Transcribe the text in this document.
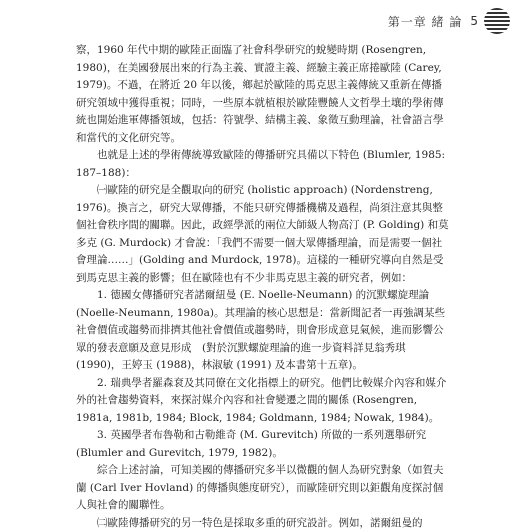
第一章 緒 論 5

察，1960 年代中期的歐陸正面臨了社會科學研究的蛻變時期 (Rosengren, 1980)，在美國發展出來的行為主義、實證主義、經驗主義正席捲歐陸 (Carey, 1979)。不過，在將近 20 年以後，鄉起於歐陸的馬克思主義傳統又重新在傳播研究領域中獲得重視；同時，一些原本就植根於歐陸豐饒人文哲學土壤的學術傳統也開始進軍傳播領域，包括：符號學、結構主義、象徵互動理論，社會語言學和當代的文化研究等。

也就是上述的學術傳統導致歐陸的傳播研究具備以下特色 (Blumler, 1985: 187–188)：

㈠歐陸的研究是全觀取向的研究 (holistic approach) (Nordenstreng, 1976)。換言之，研究大眾傳播，不能只研究傳播機構及過程，尚須注意其與整個社會秩序間的關聯。因此，政經學派的兩位大師級人物高汀 (P. Golding) 和莫多克 (G. Murdock) 才會說：「我們不需要一個大眾傳播理論，而是需要一個社會理論……」(Golding and Murdock, 1978)。這樣的一種研究導向自然是受到馬克思主義的影響；但在歐陸也有不少非馬克思主義的研究者，例如：

1. 德國女傳播研究者諾爾紐曼 (E. Noelle-Neumann) 的沉默螺旋理論 (Noelle-Neumann, 1980a)。其理論的核心思想是：當新聞記者一再強調某些社會價值或趨勢而排擠其他社會價值或趨勢時，則會形成意見氣候，進而影響公眾的發表意願及意見形成　(對於沉默螺旋理論的進一步資料詳見翁秀琪 (1990)，王婷玉 (1988)，林淑敏 (1991) 及本書第十五章)。

2. 瑞典學者羅森袞及其同僚在文化指標上的研究。他們比較媒介內容和媒介外的社會趨勢資料，來探討媒介內容和社會變遷之間的關係 (Rosengren, 1981a, 1981b, 1984; Block, 1984; Goldmann, 1984; Nowak, 1984)。

3. 英國學者布魯勒和古勒維奇 (M. Gurevitch) 所做的一系列選舉研究 (Blumler and Gurevitch, 1979, 1982)。

綜合上述討論，可知美國的傳播研究多半以微觀的個人為研究對象（如賀夫蘭 (Carl Iver Hovland) 的傳播與態度研究），而歐陸研究則以鉅觀角度探討個人與社會的關聯性。

㈡歐陸傳播研究的另一特色是採取多重的研究設計。例如，諾爾紐曼的
